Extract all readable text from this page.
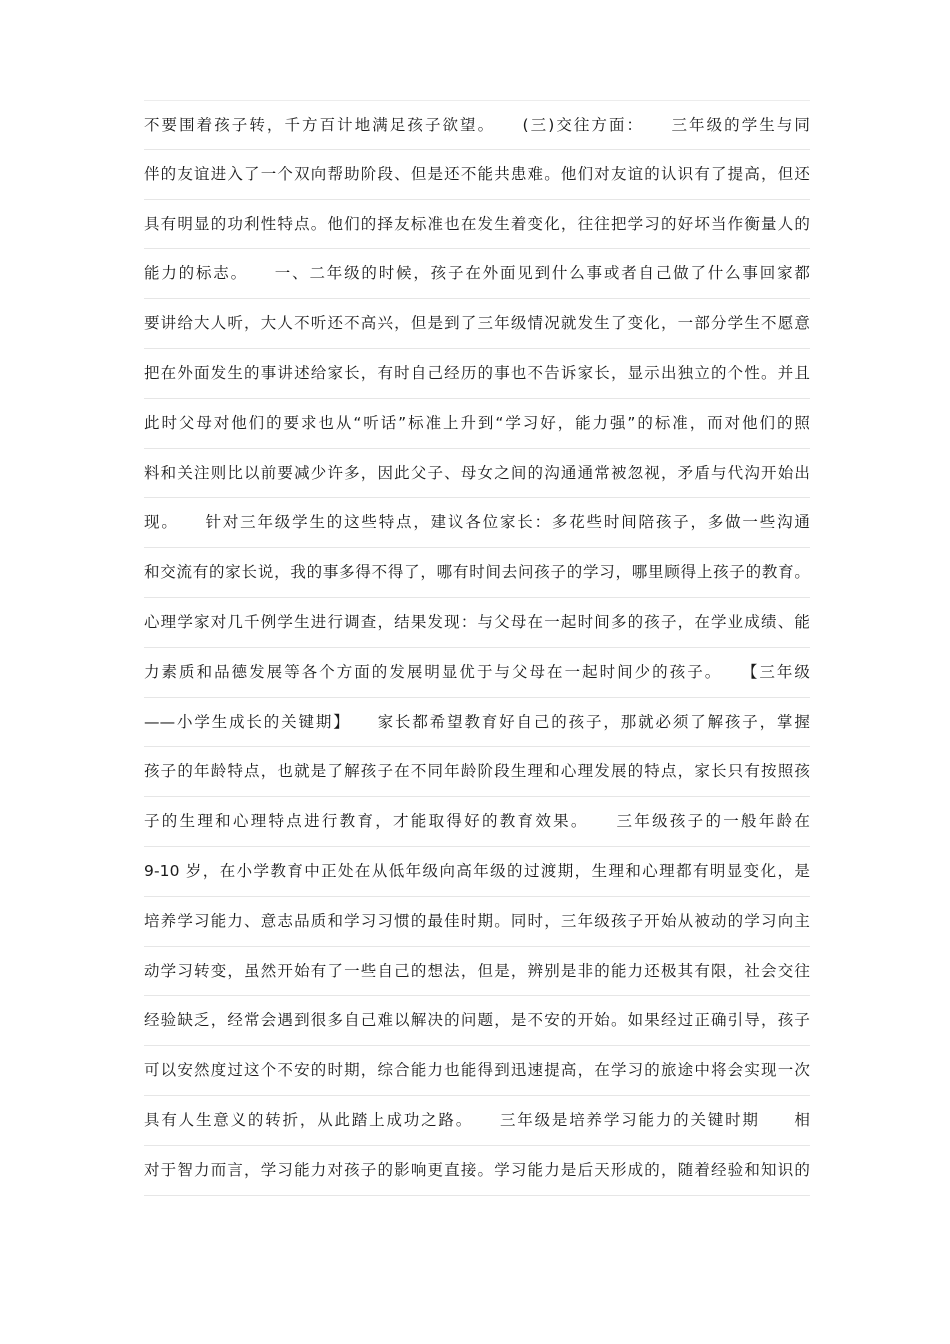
不要围着孩子转，千方百计地满足孩子欲望。　　(三)交往方面：　　三年级的学生与同
伴的友谊进入了一个双向帮助阶段、但是还不能共患难。他们对友谊的认识有了提高，但还
具有明显的功利性特点。他们的择友标准也在发生着变化，往往把学习的好坏当作衡量人的
能力的标志。　　一、二年级的时候，孩子在外面见到什么事或者自己做了什么事回家都
要讲给大人听，大人不听还不高兴，但是到了三年级情况就发生了变化，一部分学生不愿意
把在外面发生的事讲述给家长，有时自己经历的事也不告诉家长，显示出独立的个性。并且
此时父母对他们的要求也从“听话”标准上升到“学习好，能力强”的标准，而对他们的照
料和关注则比以前要减少许多，因此父子、母女之间的沟通通常被忽视，矛盾与代沟开始出
现。　　针对三年级学生的这些特点，建议各位家长：多花些时间陪孩子，多做一些沟通
和交流有的家长说，我的事多得不得了，哪有时间去问孩子的学习，哪里顾得上孩子的教育。
心理学家对几千例学生进行调查，结果发现：与父母在一起时间多的孩子，在学业成绩、能
力素质和品德发展等各个方面的发展明显优于与父母在一起时间少的孩子。　　【三年级
——小学生成长的关键期】　　家长都希望教育好自己的孩子，那就必须了解孩子，掌握
孩子的年龄特点，也就是了解孩子在不同年龄阶段生理和心理发展的特点，家长只有按照孩
子的生理和心理特点进行教育，才能取得好的教育效果。　　三年级孩子的一般年龄在
9-10 岁，在小学教育中正处在从低年级向高年级的过渡期，生理和心理都有明显变化，是
培养学习能力、意志品质和学习习惯的最佳时期。同时，三年级孩子开始从被动的学习向主
动学习转变，虽然开始有了一些自己的想法，但是，辨别是非的能力还极其有限，社会交往
经验缺乏，经常会遇到很多自己难以解决的问题，是不安的开始。如果经过正确引导，孩子
可以安然度过这个不安的时期，综合能力也能得到迅速提高，在学习的旅途中将会实现一次
具有人生意义的转折，从此踏上成功之路。　　三年级是培养学习能力的关键时期　　相
对于智力而言，学习能力对孩子的影响更直接。学习能力是后天形成的，随着经验和知识的
